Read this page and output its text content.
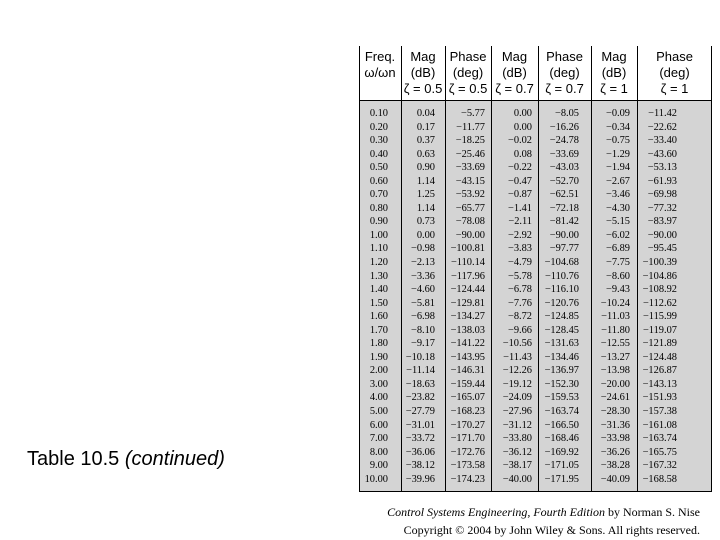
Freq.
ω/ωn
Mag
(dB)
ζ = 0.5
Phase
(deg)
ζ = 0.5
Mag
(dB)
ζ = 0.7
Phase
(deg)
ζ = 0.7
Mag
(dB)
ζ = 1
Phase
(deg)
ζ = 1
0.10
0.20
0.30
0.40
0.50
0.60
0.70
0.80
0.90
1.00
1.10
1.20
1.30
1.40
1.50
1.60
1.70
1.80
1.90
2.00
3.00
4.00
5.00
6.00
7.00
8.00
9.00
10.00
0.04
0.17
0.37
0.63
0.90
1.14
1.25
1.14
0.73
0.00
−0.98
−2.13
−3.36
−4.60
−5.81
−6.98
−8.10
−9.17
−10.18
−11.14
−18.63
−23.82
−27.79
−31.01
−33.72
−36.06
−38.12
−39.96
−5.77
−11.77
−18.25
−25.46
−33.69
−43.15
−53.92
−65.77
−78.08
−90.00
−100.81
−110.14
−117.96
−124.44
−129.81
−134.27
−138.03
−141.22
−143.95
−146.31
−159.44
−165.07
−168.23
−170.27
−171.70
−172.76
−173.58
−174.23
0.00
0.00
−0.02
0.08
−0.22
−0.47
−0.87
−1.41
−2.11
−2.92
−3.83
−4.79
−5.78
−6.78
−7.76
−8.72
−9.66
−10.56
−11.43
−12.26
−19.12
−24.09
−27.96
−31.12
−33.80
−36.12
−38.17
−40.00
−8.05
−16.26
−24.78
−33.69
−43.03
−52.70
−62.51
−72.18
−81.42
−90.00
−97.77
−104.68
−110.76
−116.10
−120.76
−124.85
−128.45
−131.63
−134.46
−136.97
−152.30
−159.53
−163.74
−166.50
−168.46
−169.92
−171.05
−171.95
−0.09
−0.34
−0.75
−1.29
−1.94
−2.67
−3.46
−4.30
−5.15
−6.02
−6.89
−7.75
−8.60
−9.43
−10.24
−11.03
−11.80
−12.55
−13.27
−13.98
−20.00
−24.61
−28.30
−31.36
−33.98
−36.26
−38.28
−40.09
−11.42
−22.62
−33.40
−43.60
−53.13
−61.93
−69.98
−77.32
−83.97
−90.00
−95.45
−100.39
−104.86
−108.92
−112.62
−115.99
−119.07
−121.89
−124.48
−126.87
−143.13
−151.93
−157.38
−161.08
−163.74
−165.75
−167.32
−168.58
Table 10.5 (continued)
Control Systems Engineering, Fourth Edition by Norman S. Nise
Copyright © 2004 by John Wiley & Sons. All rights reserved.
